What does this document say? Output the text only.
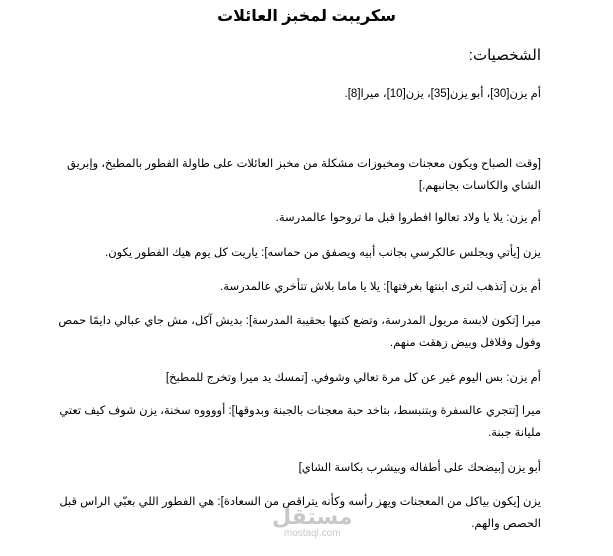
سكريبت لمخبز العائلات
الشخصيات:
أم يزن[30]، أبو يزن[35]، يزن[10]، ميرا[8].
[وقت الصباح ويكون معجنات ومخبوزات مشكلة من مخبز العائلات على طاولة الفطور بالمطبخ، وإبريق
الشاي والكاسات بجانبهم.]
أم يزن: يلا يا ولاد تعالوا افطروا قبل ما تروحوا عالمدرسة.
يزن [يأتي ويجلس عالكرسي بجانب أبيه ويصفق من حماسه]: ياريت كل يوم هيك الفطور يكون.
أم يزن [تذهب لترى ابنتها بغرفتها]: يلا يا ماما بلاش تتأخري عالمدرسة.
ميرا [تكون لابسة مريول المدرسة، وتضع كتبها بحقيبة المدرسة]: بديش آكل، مش جاي عبالي دايمًا حمص
وفول وفلافل وبيض زهقت منهم.
أم يزن: بس اليوم غير عن كل مرة تعالي وشوفي. [تمسك يد ميرا وتخرج للمطبخ]
ميرا [تتجري عالسفرة وبتنبسط، بتاخد حبة معجنات بالجبنة وبدوقها]: أووووه سخنة، يزن شوف كيف تعتي
مليانة جبنة.
أبو يزن [بيضحك على أطفاله وبيشرب بكاسة الشاي]
يزن [يكون بياكل من المعجنات ويهز رأسه وكأنه يتراقص من السعادة]: هي الفطور اللي بعبّي الراس قبل
الحصص والهم.
مستقل
mostaql.com
